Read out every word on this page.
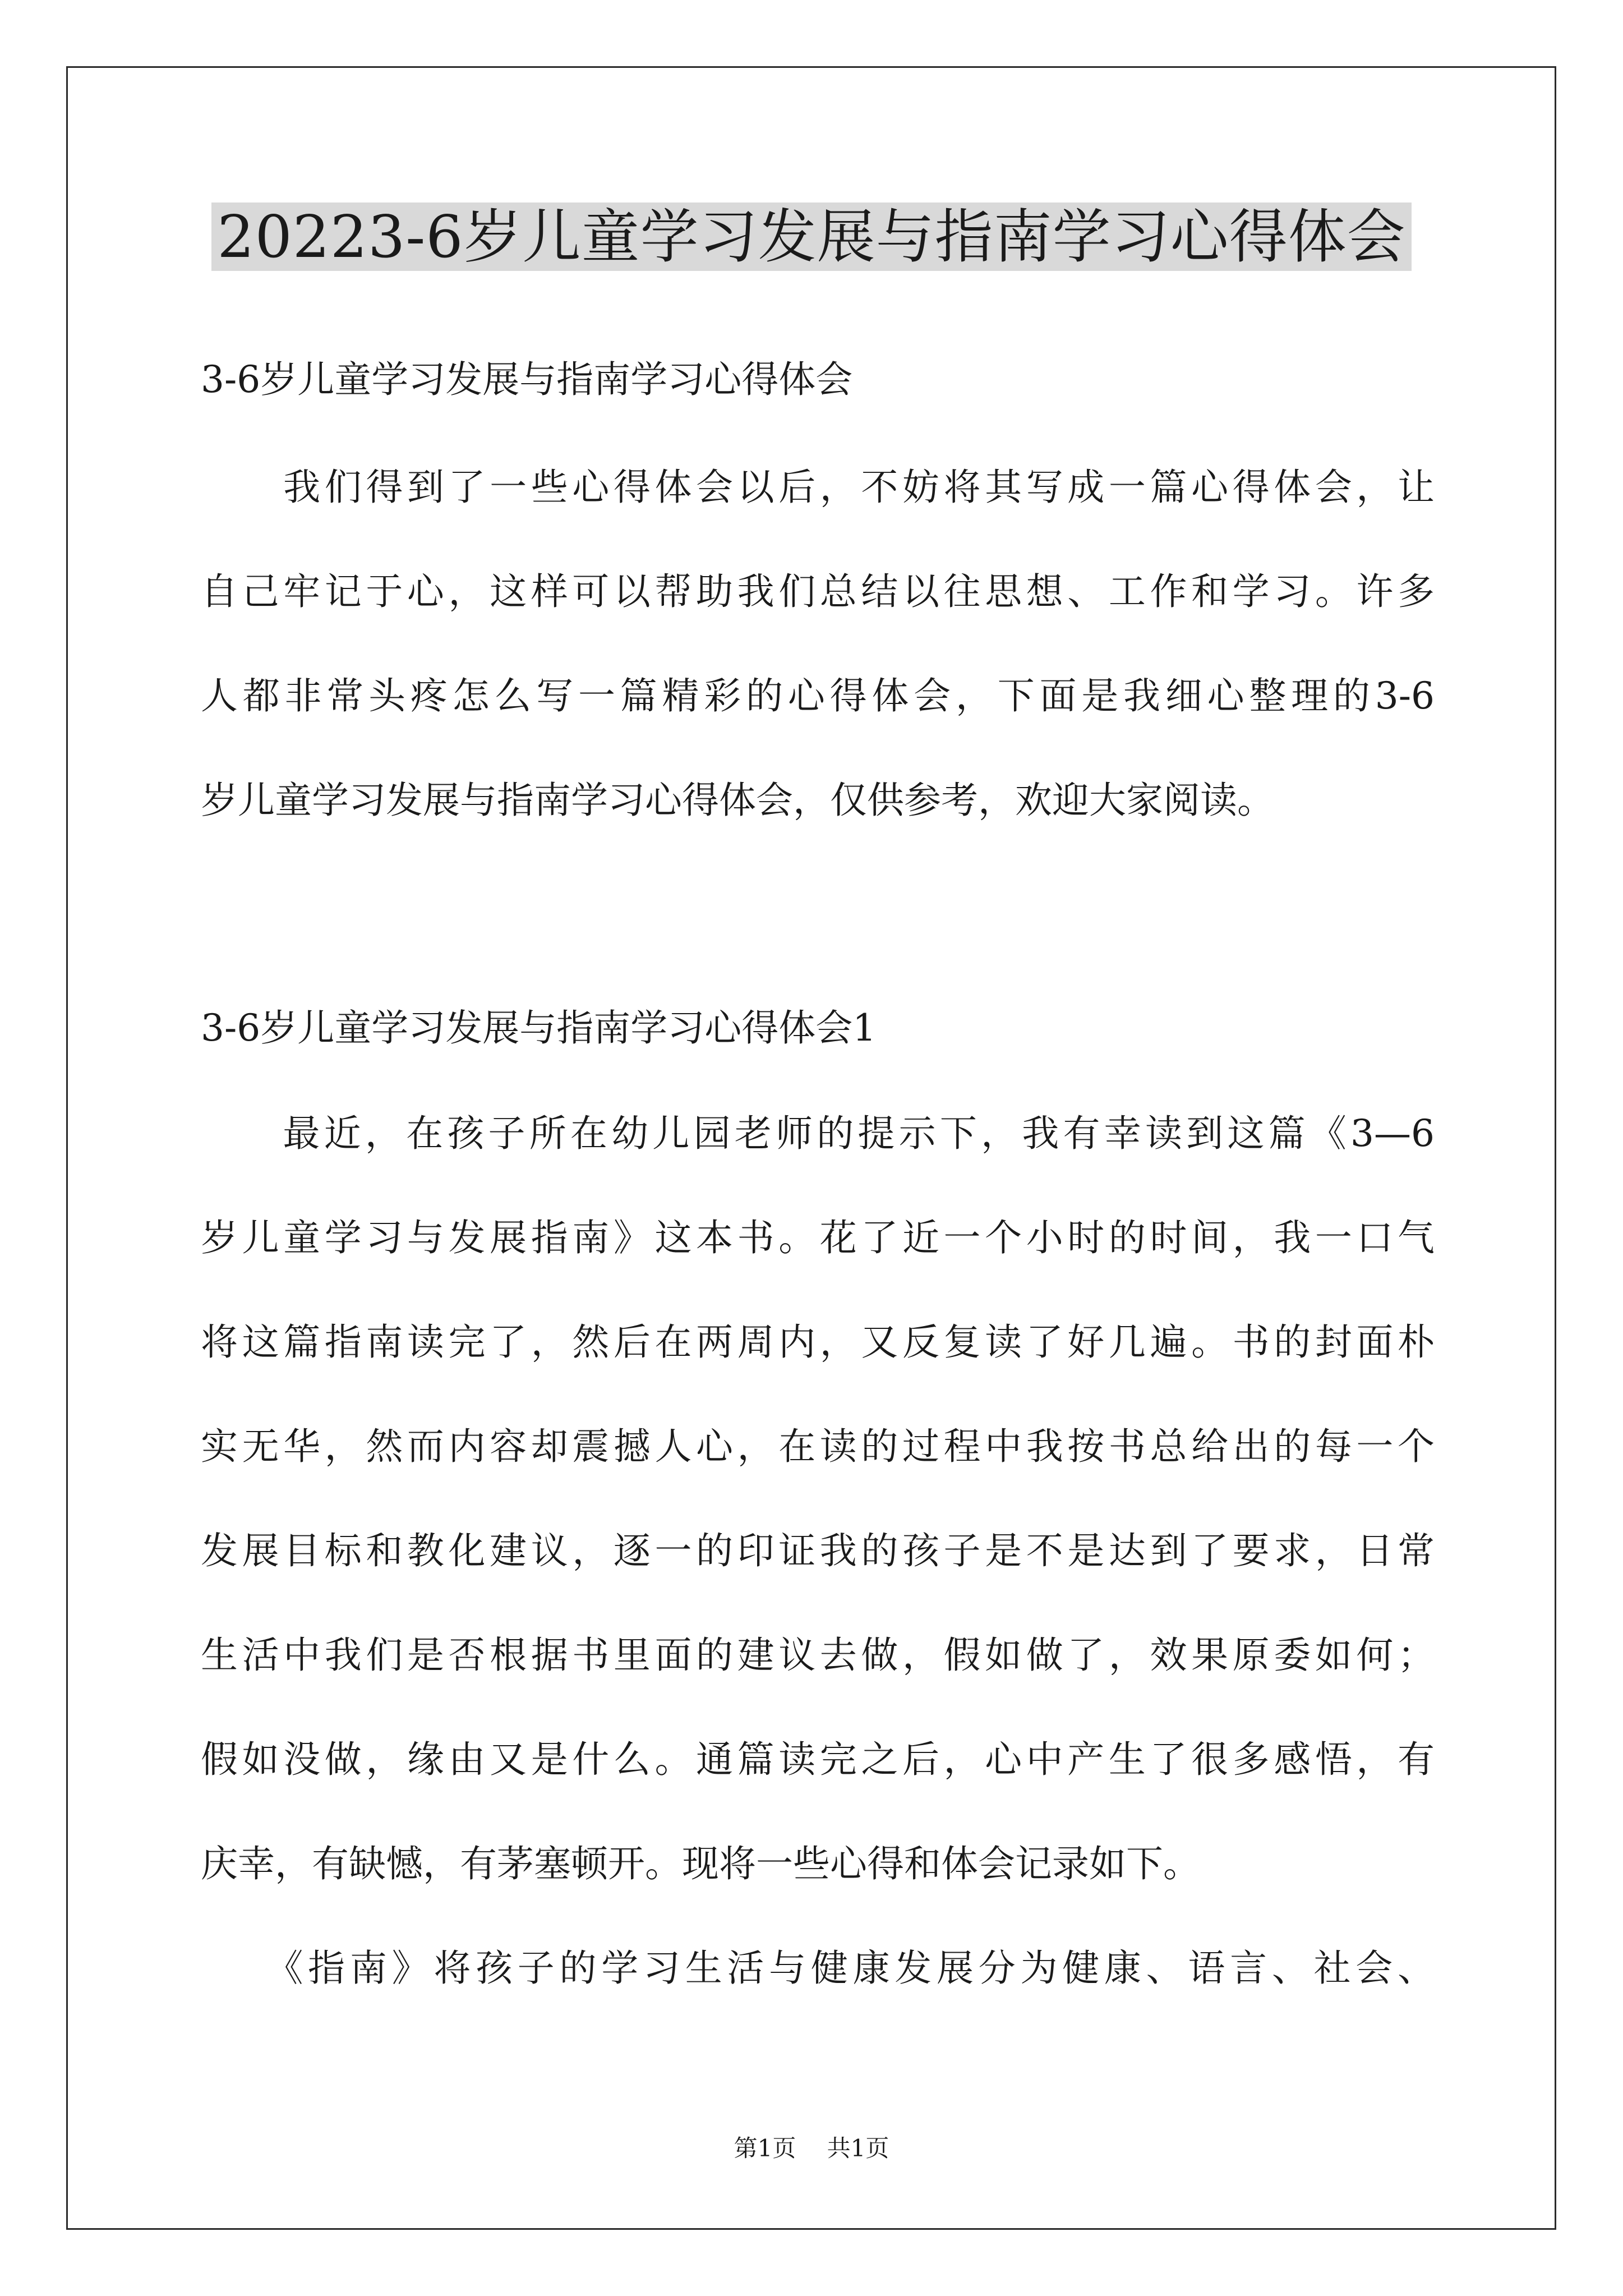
20223-6岁儿童学习发展与指南学习心得体会
3-6岁儿童学习发展与指南学习心得体会
　　我们得到了一些心得体会以后，不妨将其写成一篇心得体会，让
自己牢记于心，这样可以帮助我们总结以往思想、工作和学习。许多
人都非常头疼怎么写一篇精彩的心得体会，下面是我细心整理的3-6
岁儿童学习发展与指南学习心得体会，仅供参考，欢迎大家阅读。
3-6岁儿童学习发展与指南学习心得体会1
　　最近，在孩子所在幼儿园老师的提示下，我有幸读到这篇《3—6
岁儿童学习与发展指南》这本书。花了近一个小时的时间，我一口气
将这篇指南读完了，然后在两周内，又反复读了好几遍。书的封面朴
实无华，然而内容却震撼人心，在读的过程中我按书总给出的每一个
发展目标和教化建议，逐一的印证我的孩子是不是达到了要求，日常
生活中我们是否根据书里面的建议去做，假如做了，效果原委如何；
假如没做，缘由又是什么。通篇读完之后，心中产生了很多感悟，有
庆幸，有缺憾，有茅塞顿开。现将一些心得和体会记录如下。
　　《指南》将孩子的学习生活与健康发展分为健康、语言、社会、
第1页　 共1页
